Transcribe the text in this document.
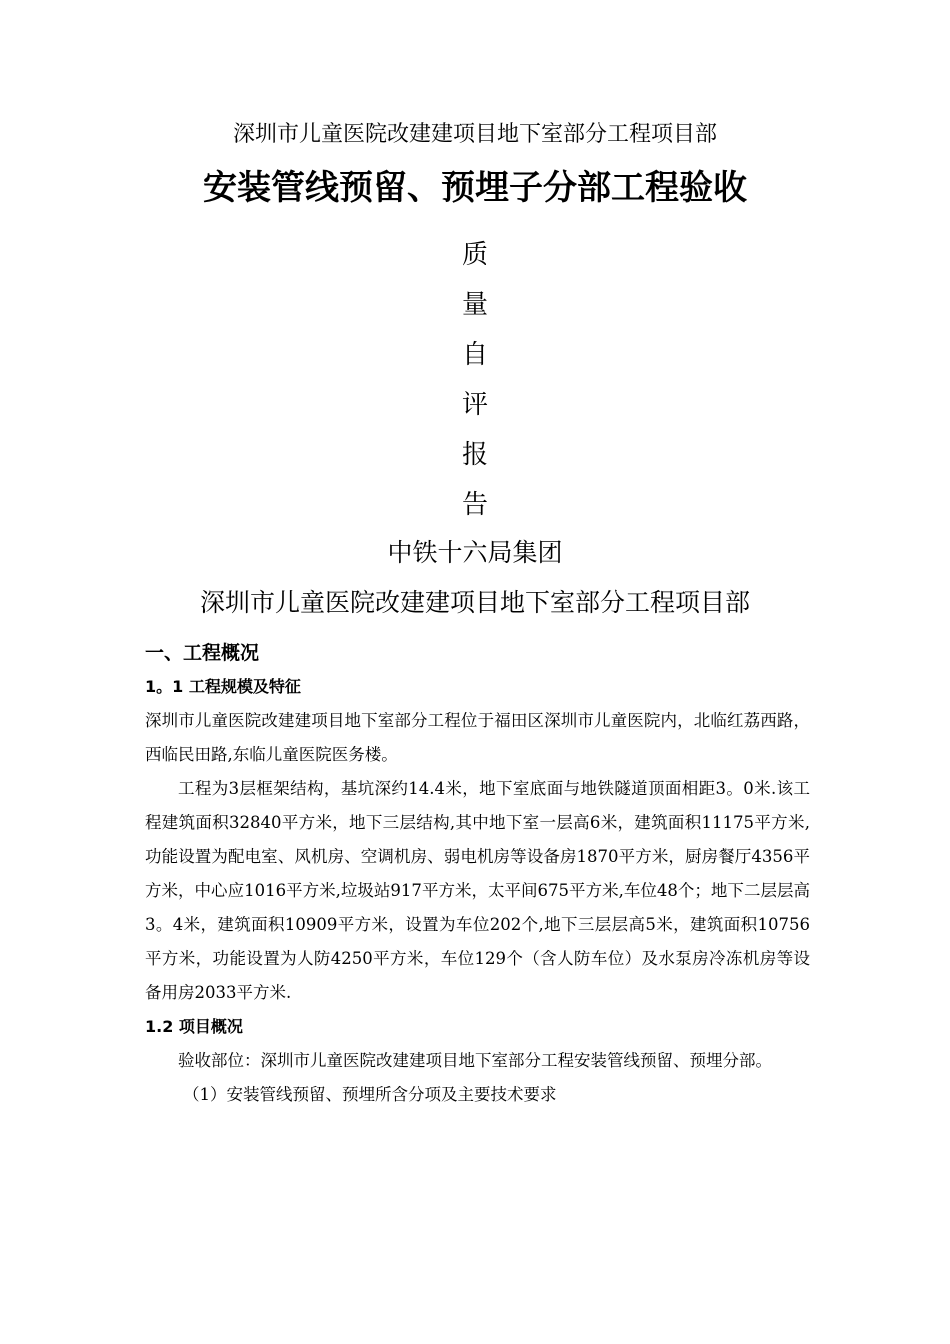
深圳市儿童医院改建建项目地下室部分工程项目部
安装管线预留、预埋子分部工程验收
质
量
自
评
报
告
中铁十六局集团
深圳市儿童医院改建建项目地下室部分工程项目部
一、工程概况
1。1 工程规模及特征

深圳市儿童医院改建建项目地下室部分工程位于福田区深圳市儿童医院内，北临红荔西路，西临民田路,东临儿童医院医务楼。

工程为3层框架结构，基坑深约14.4米，地下室底面与地铁隧道顶面相距3。0米.该工程建筑面积32840平方米，地下三层结构,其中地下室一层高6米，建筑面积11175平方米,功能设置为配电室、风机房、空调机房、弱电机房等设备房1870平方米，厨房餐厅4356平方米，中心应1016平方米,垃圾站917平方米，太平间675平方米,车位48个；地下二层层高3。4米，建筑面积10909平方米，设置为车位202个,地下三层层高5米，建筑面积10756平方米，功能设置为人防4250平方米，车位129个（含人防车位）及水泵房冷冻机房等设备用房2033平方米.

1.2 项目概况

验收部位：深圳市儿童医院改建建项目地下室部分工程安装管线预留、预埋分部。

（1）安装管线预留、预埋所含分项及主要技术要求
